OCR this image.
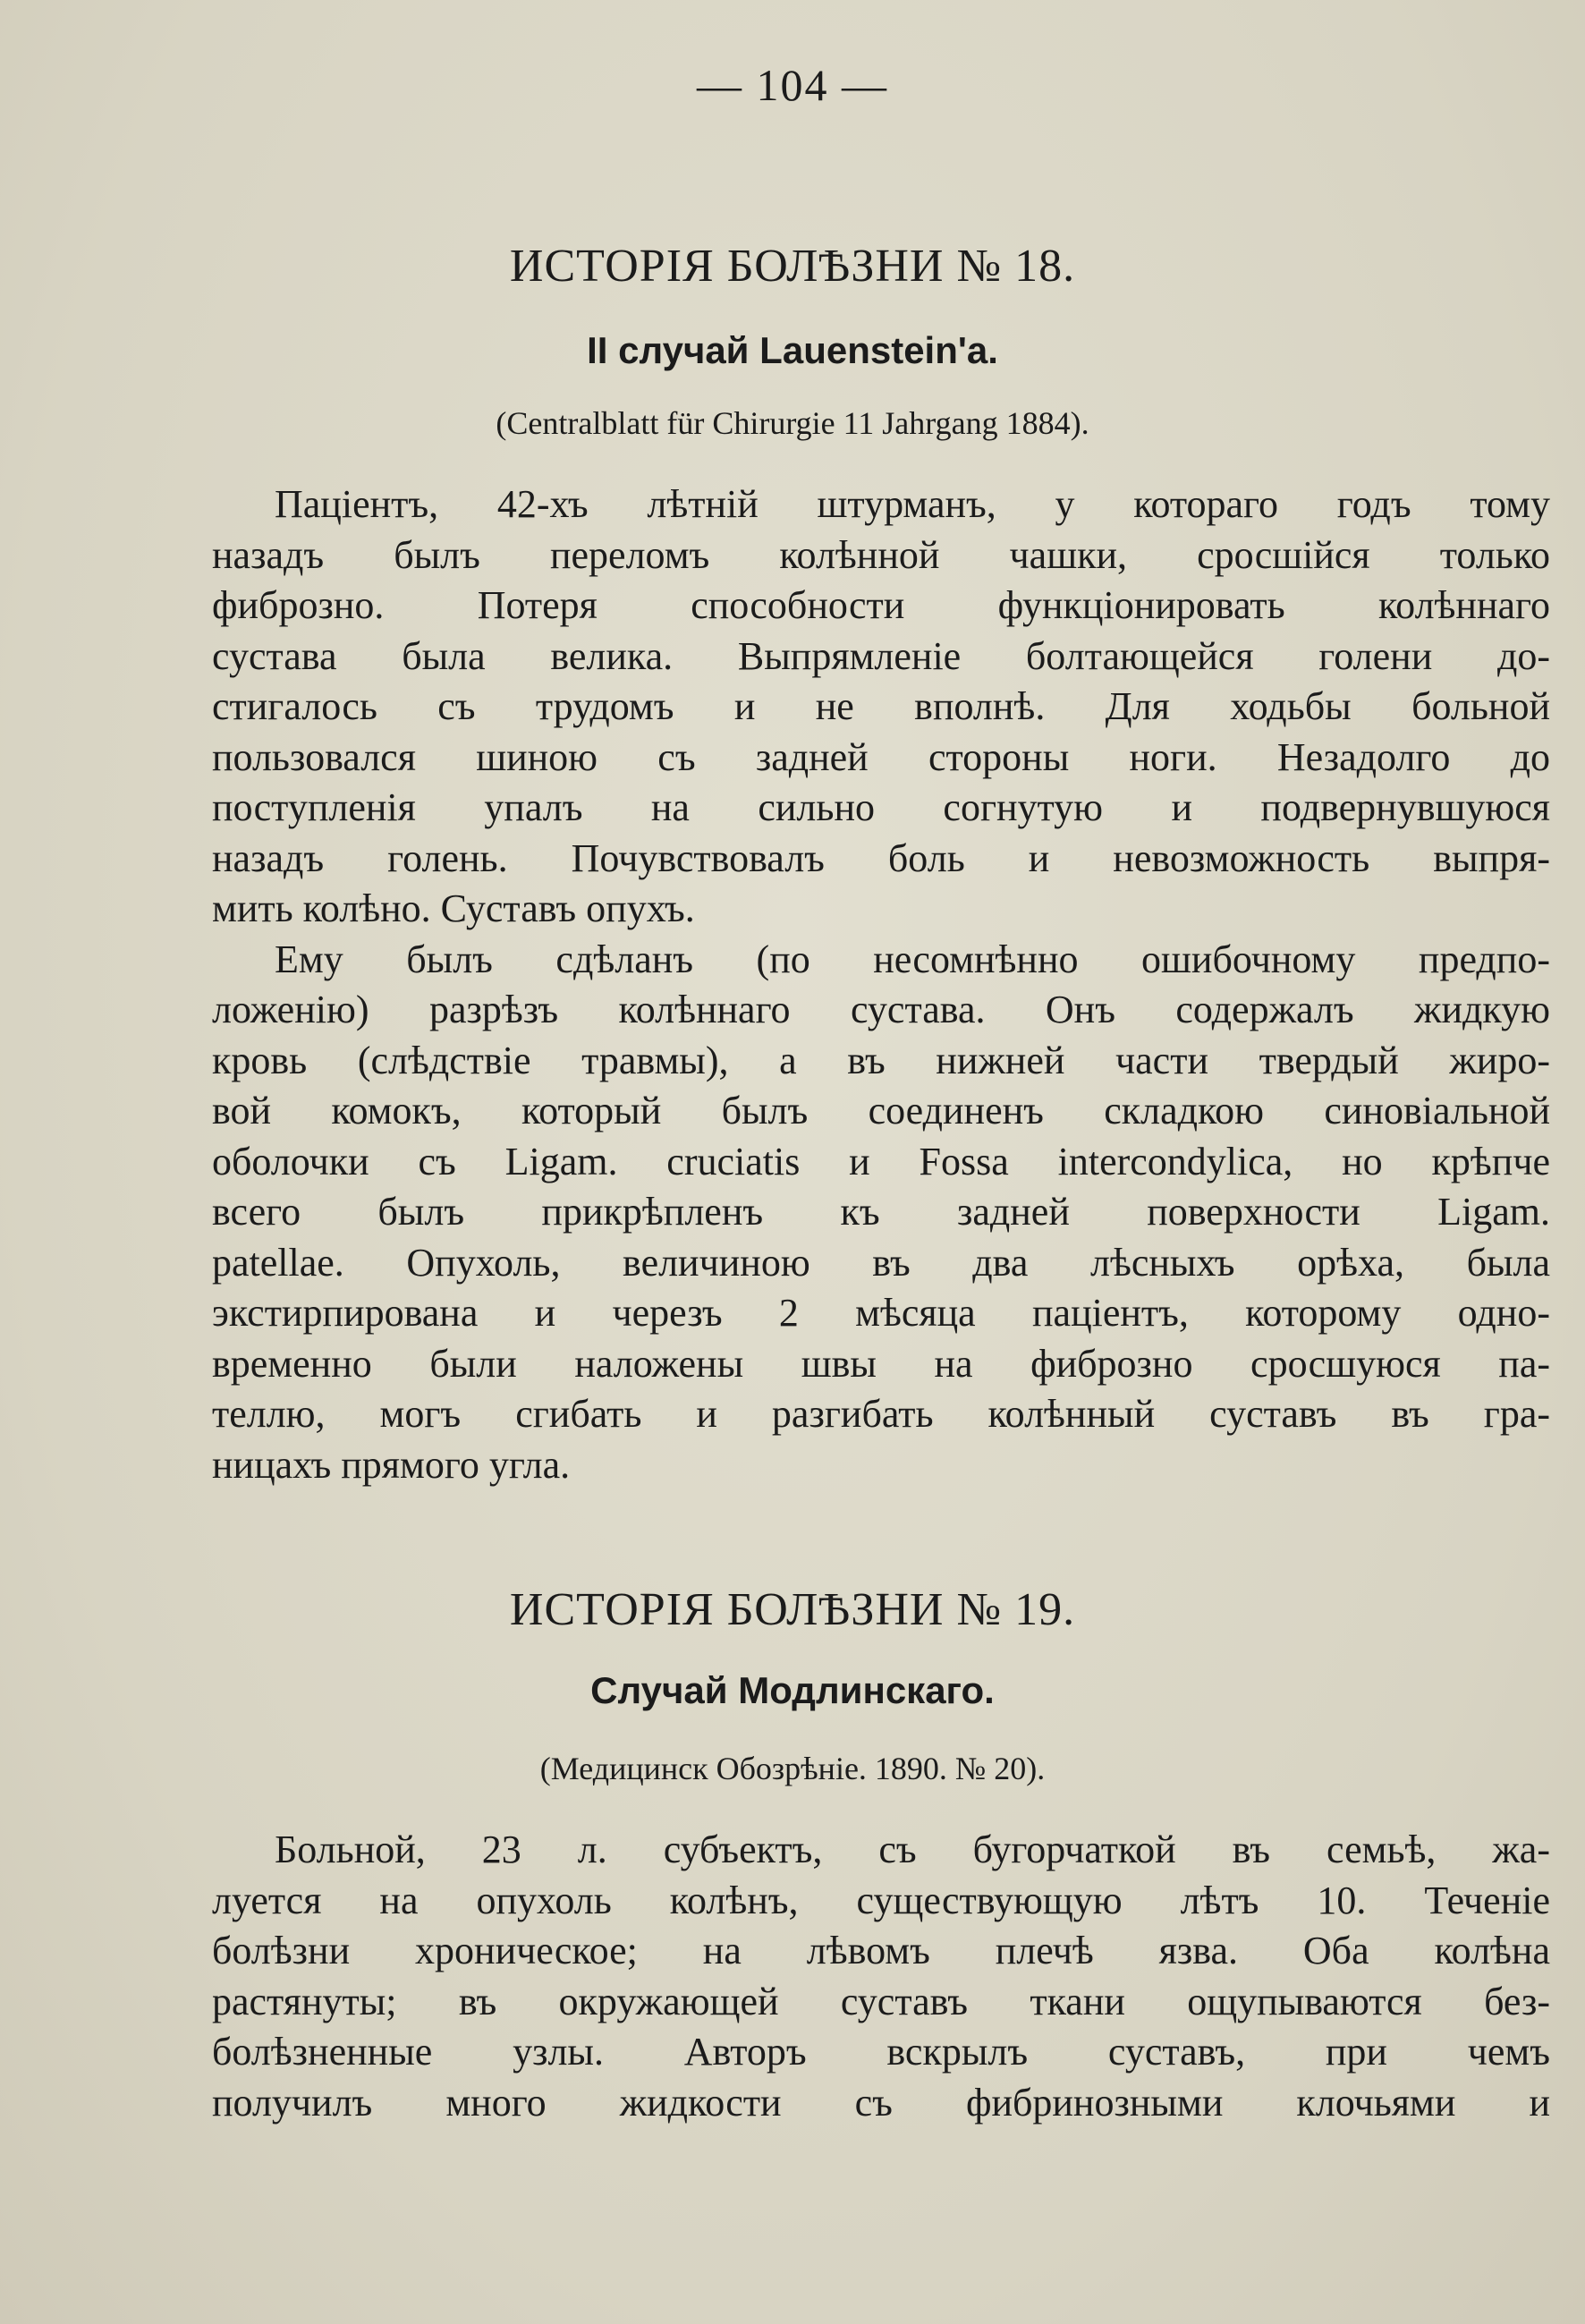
— 104 —
ИСТОРІЯ БОЛѢЗНИ № 18.
II случай Lauenstein'а.
(Centralblatt für Chirurgie 11 Jahrgang 1884).
Паціентъ, 42-хъ лѣтній штурманъ, у котораго годъ тому
назадъ былъ переломъ колѣнной чашки, сросшійся только
фиброзно. Потеря способности функціонировать колѣннаго
сустава была велика. Выпрямленіе болтающейся голени до-
стигалось съ трудомъ и не вполнѣ. Для ходьбы больной
пользовался шиною съ задней стороны ноги. Незадолго до
поступленія упалъ на сильно согнутую и подвернувшуюся
назадъ голень. Почувствовалъ боль и невозможность выпря-
мить колѣно. Суставъ опухъ.
Ему былъ сдѣланъ (по несомнѣнно ошибочному предпо-
ложенію) разрѣзъ колѣннаго сустава. Онъ содержалъ жидкую
кровь (слѣдствіе травмы), а въ нижней части твердый жиро-
вой комокъ, который былъ соединенъ складкою синовіальной
оболочки съ Ligam. cruciatis и Fossa intercondylica, но крѣпче
всего былъ прикрѣпленъ къ задней поверхности Ligam.
patellae. Опухоль, величиною въ два лѣсныхъ орѣха, была
экстирпирована и черезъ 2 мѣсяца паціентъ, которому одно-
временно были наложены швы на фиброзно сросшуюся па-
теллю, могъ сгибать и разгибать колѣнный суставъ въ гра-
ницахъ прямого угла.
ИСТОРІЯ БОЛѢЗНИ № 19.
Случай Модлинскаго.
(Медицинск Обозрѣніе. 1890. № 20).
Больной, 23 л. субъектъ, съ бугорчаткой въ семьѣ, жа-
луется на опухоль колѣнъ, существующую лѣтъ 10. Теченіе
болѣзни хроническое; на лѣвомъ плечѣ язва. Оба колѣна
растянуты; въ окружающей суставъ ткани ощупываются без-
болѣзненные узлы. Авторъ вскрылъ суставъ, при чемъ
получилъ много жидкости съ фибринозными клочьями и
